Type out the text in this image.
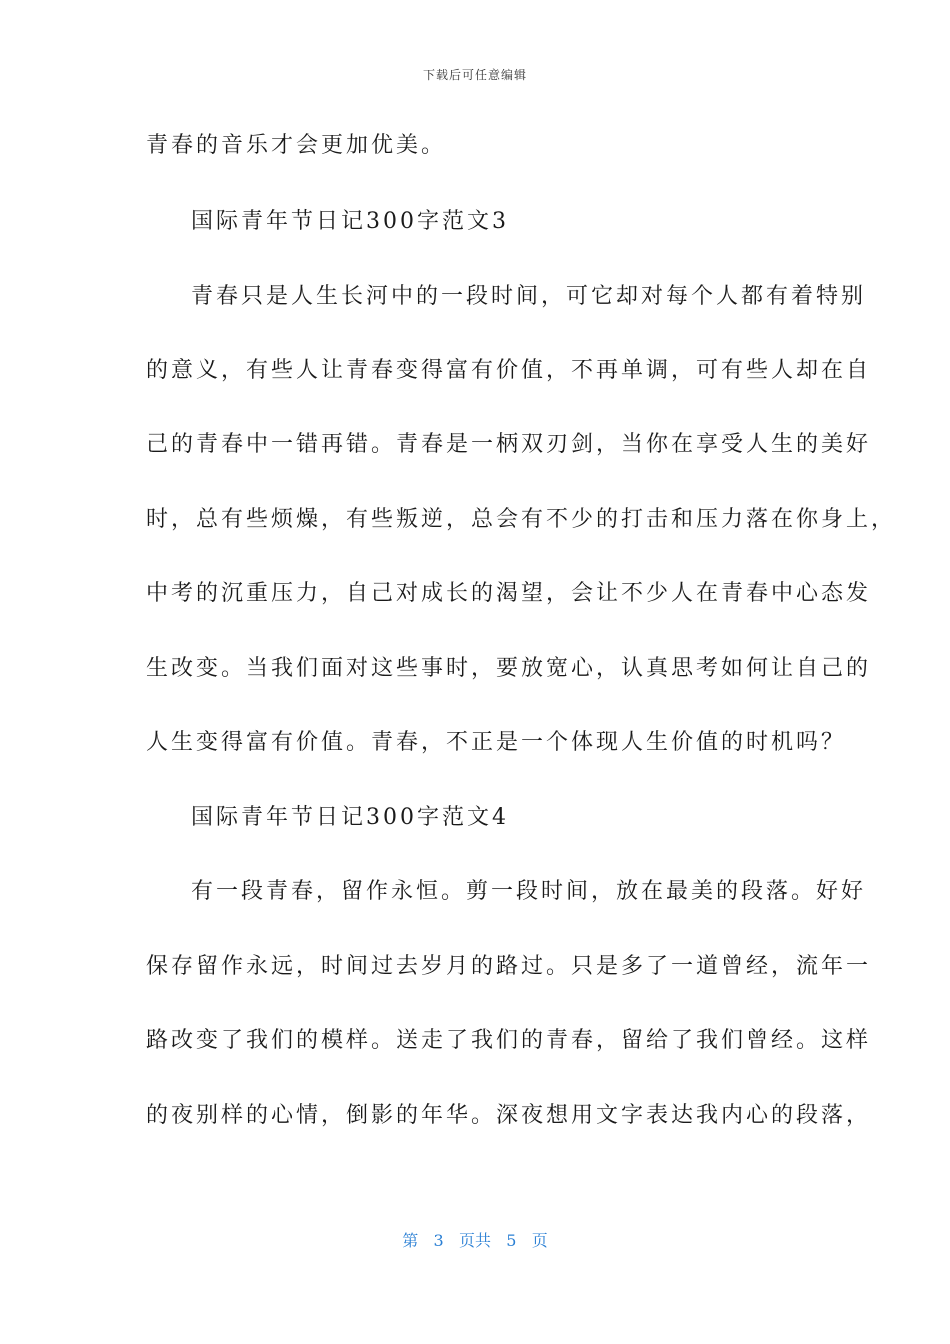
下载后可任意编辑
青春的音乐才会更加优美。
国际青年节日记300字范文3
青春只是人生长河中的一段时间，可它却对每个人都有着特别
的意义，有些人让青春变得富有价值，不再单调，可有些人却在自
己的青春中一错再错。青春是一柄双刃剑，当你在享受人生的美好
时，总有些烦燥，有些叛逆，总会有不少的打击和压力落在你身上，
中考的沉重压力，自己对成长的渴望，会让不少人在青春中心态发
生改变。当我们面对这些事时，要放宽心，认真思考如何让自己的
人生变得富有价值。青春，不正是一个体现人生价值的时机吗？
国际青年节日记300字范文4
有一段青春，留作永恒。剪一段时间，放在最美的段落。好好
保存留作永远，时间过去岁月的路过。只是多了一道曾经，流年一
路改变了我们的模样。送走了我们的青春，留给了我们曾经。这样
的夜别样的心情，倒影的年华。深夜想用文字表达我内心的段落，
第 3 页共 5 页
